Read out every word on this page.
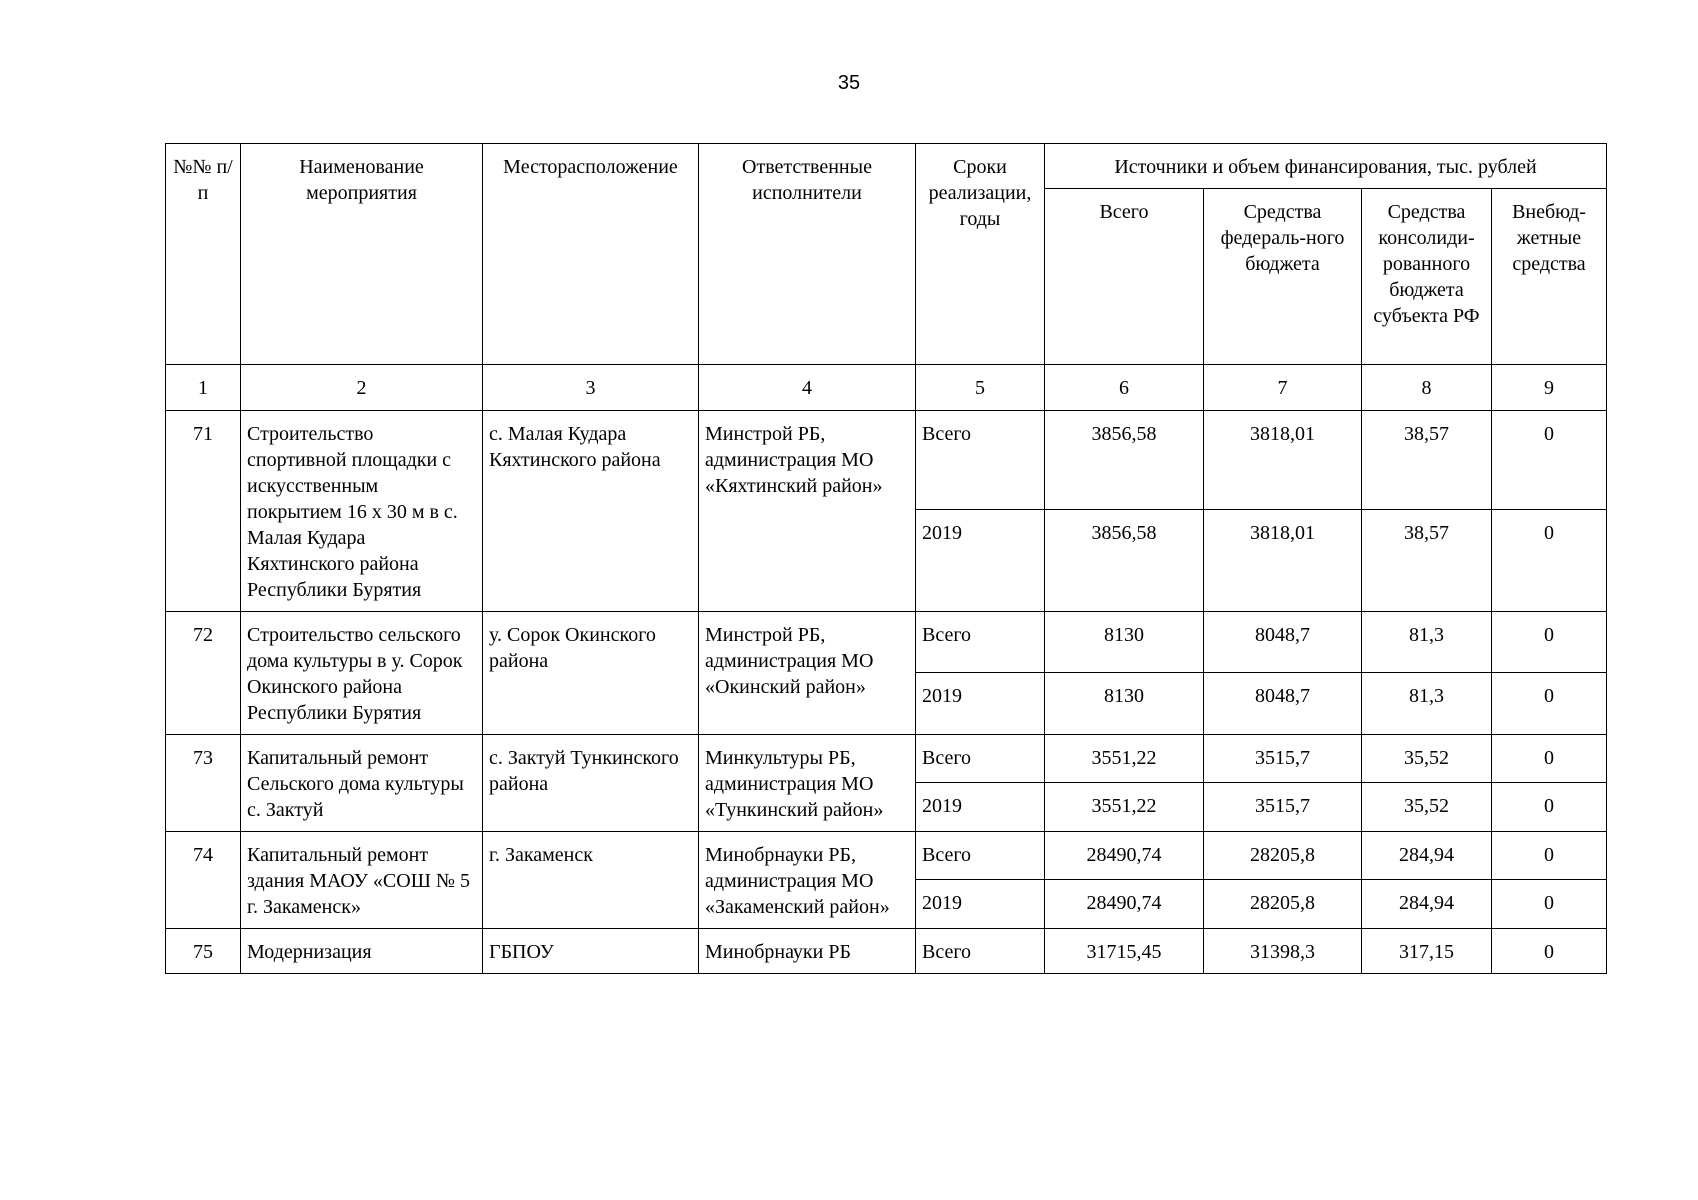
35
№№ п/п	Наименование мероприятия	Месторасположение	Ответственные исполнители	Сроки реализации, годы	Источники и объем финансирования, тыс. рублей			
					Всего	Средства федераль-ного бюджета	Средства консолиди-рованного бюджета субъекта РФ	Внебюд-жетные средства
1	2	3	4	5	6	7	8	9
71	Строительство спортивной площадки с искусственным покрытием 16 х 30 м в с. Малая Кудара Кяхтинского района Республики Бурятия	с. Малая Кудара Кяхтинского района	Минстрой РБ, администрация МО «Кяхтинский район»	Всего	3856,58	3818,01	38,57	0
				2019	3856,58	3818,01	38,57	0
72	Строительство сельского дома культуры в у. Сорок Окинского района Республики Бурятия	у. Сорок Окинского района	Минстрой РБ, администрация МО «Окинский район»	Всего	8130	8048,7	81,3	0
				2019	8130	8048,7	81,3	0
73	Капитальный ремонт Сельского дома культуры с. Зактуй	с. Зактуй Тункинского района	Минкультуры РБ, администрация МО «Тункинский район»	Всего	3551,22	3515,7	35,52	0
				2019	3551,22	3515,7	35,52	0
74	Капитальный ремонт здания МАОУ «СОШ № 5 г. Закаменск»	г. Закаменск	Минобрнауки РБ, администрация МО «Закаменский район»	Всего	28490,74	28205,8	284,94	0
				2019	28490,74	28205,8	284,94	0
75	Модернизация	ГБПОУ	Минобрнауки РБ	Всего	31715,45	31398,3	317,15	0
